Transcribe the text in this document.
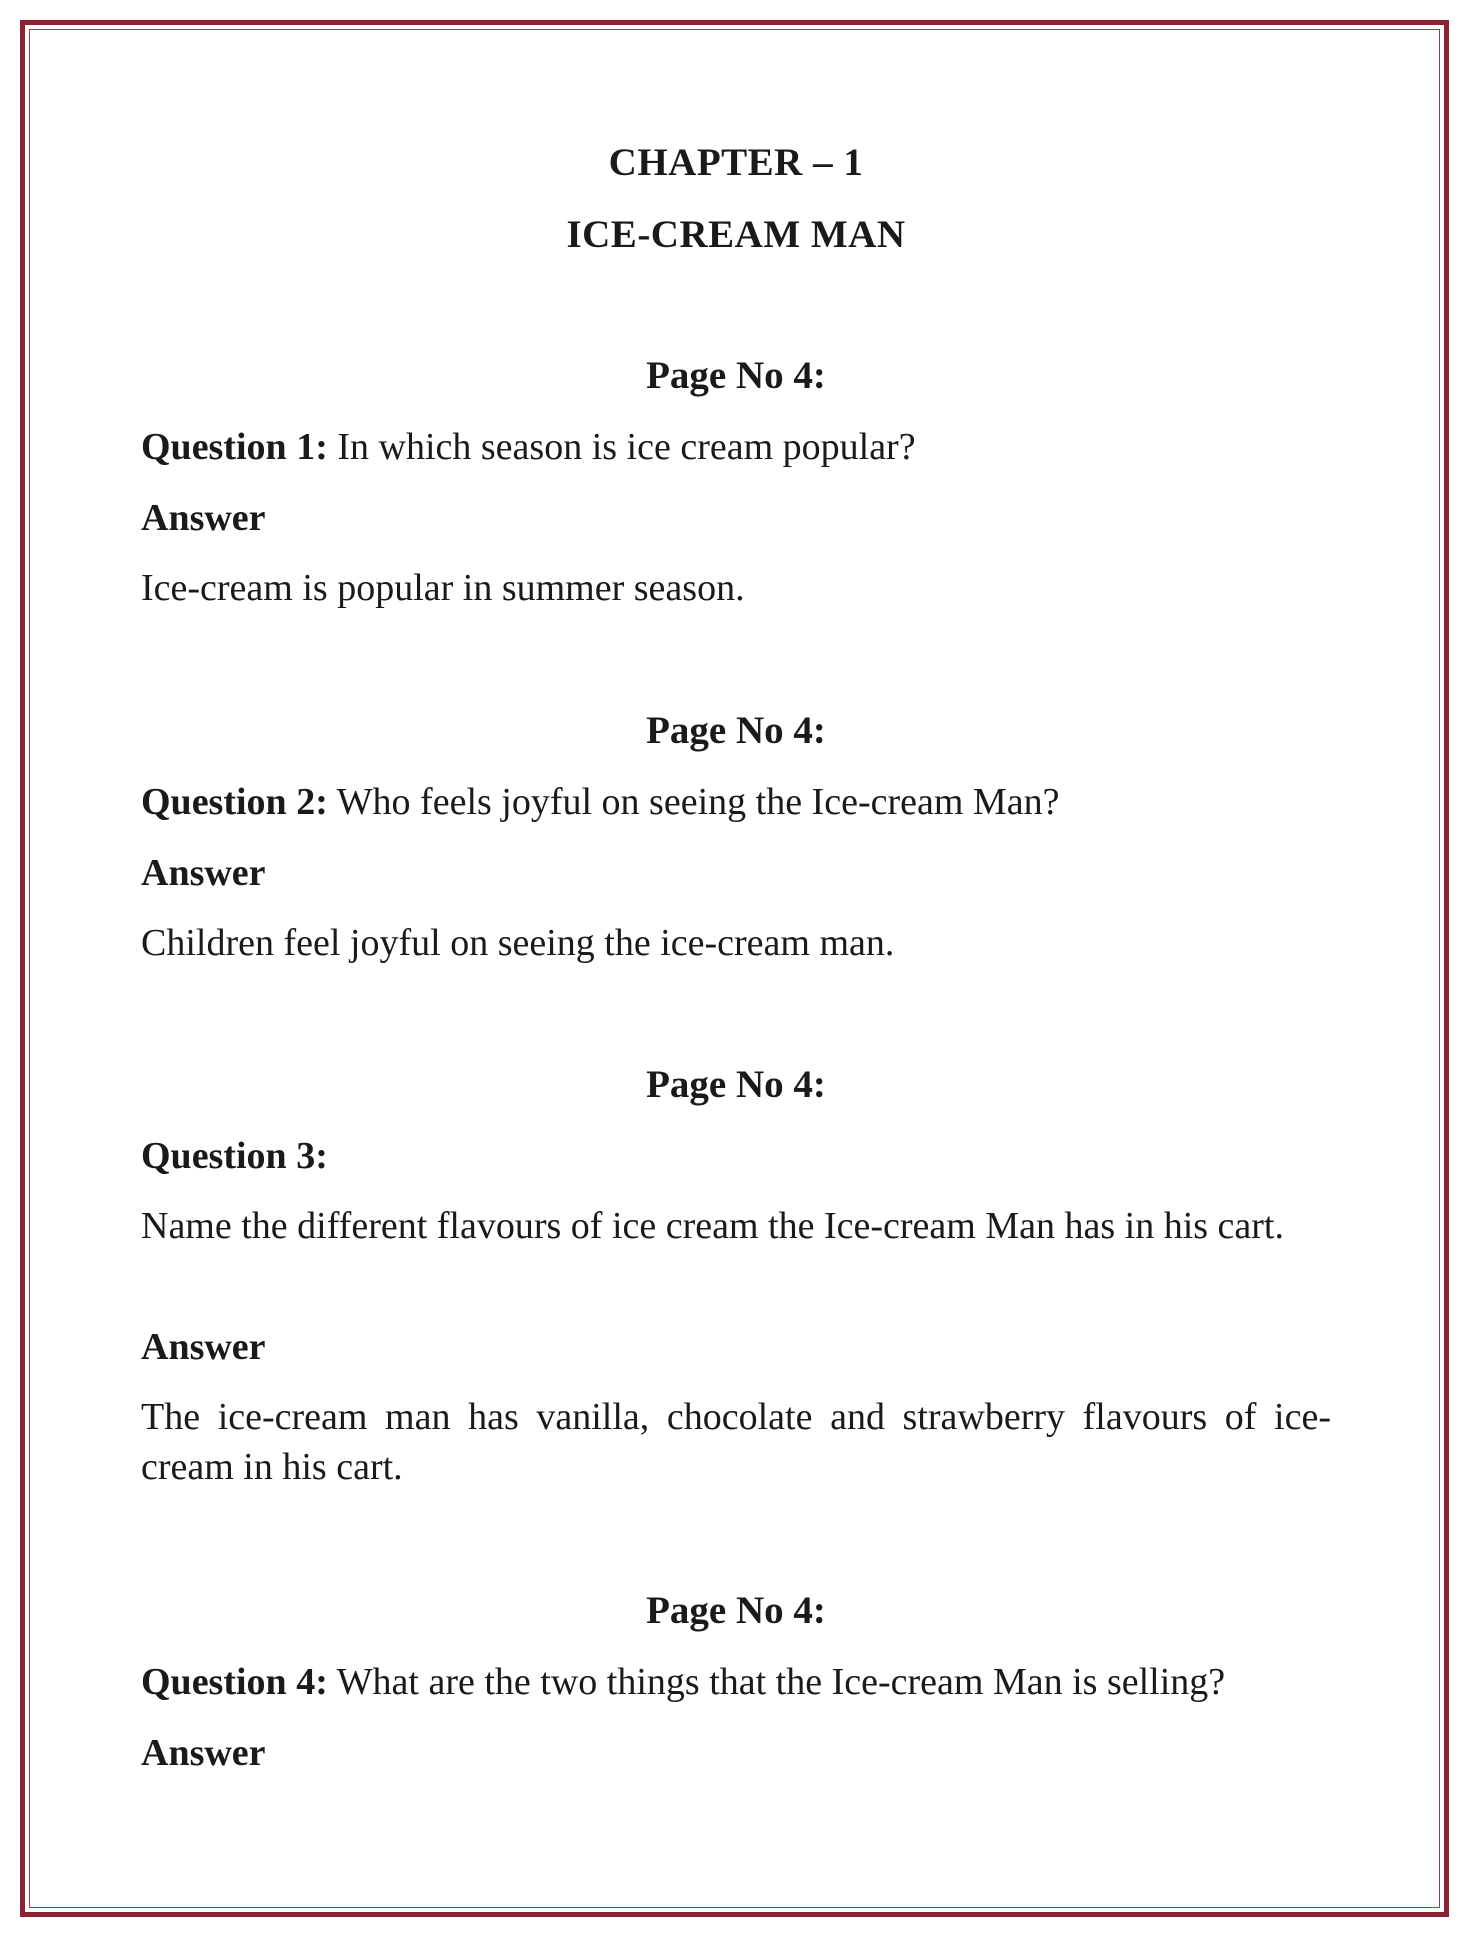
CHAPTER – 1
ICE-CREAM MAN
Page No 4:
Question 1: In which season is ice cream popular?
Answer
Ice-cream is popular in summer season.
Page No 4:
Question 2: Who feels joyful on seeing the Ice-cream Man?
Answer
Children feel joyful on seeing the ice-cream man.
Page No 4:
Question 3:
Name the different flavours of ice cream the Ice-cream Man has in his cart.
Answer
The ice-cream man has vanilla, chocolate and strawberry flavours of ice-cream in his cart.
Page No 4:
Question 4: What are the two things that the Ice-cream Man is selling?
Answer
